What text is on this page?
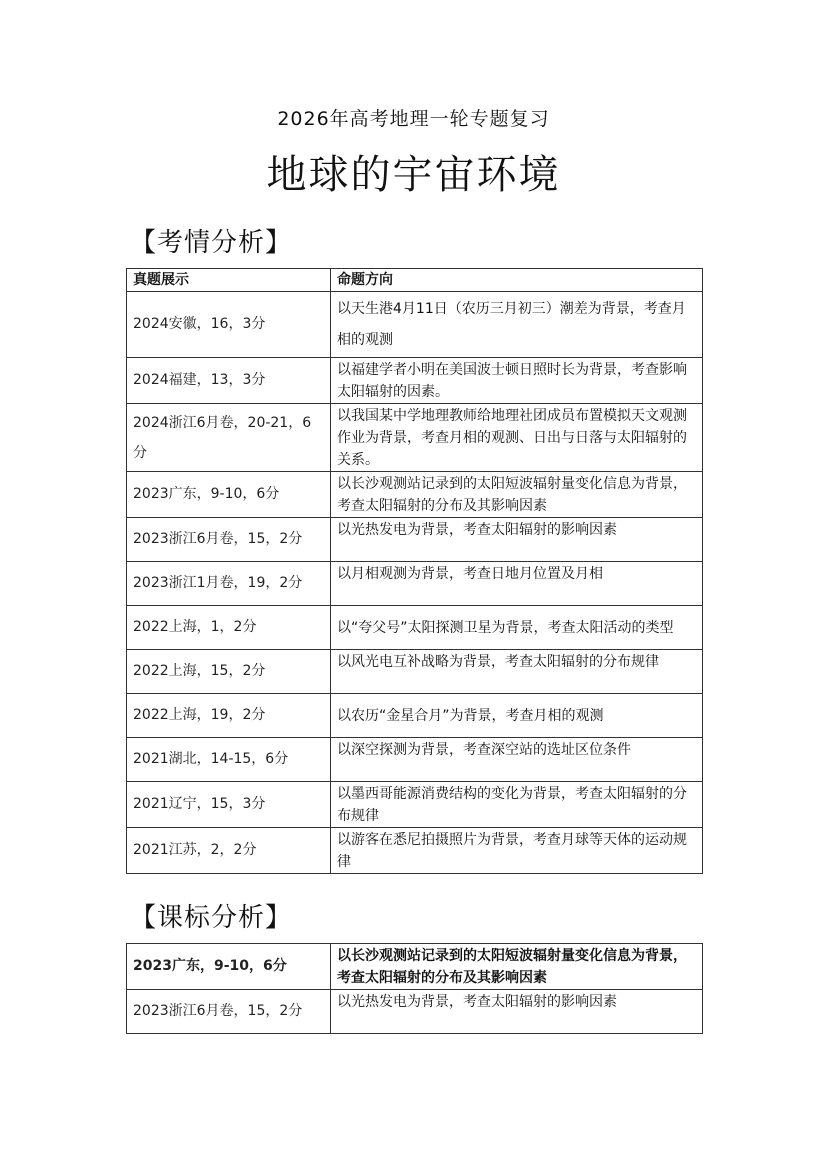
2026年高考地理一轮专题复习
地球的宇宙环境
【考情分析】
真题展示	命题方向
2024安徽，16，3分	以天生港4月11日（农历三月初三）潮差为背景，考查月相的观测
2024福建，13，3分	以福建学者小明在美国波士顿日照时长为背景，考查影响太阳辐射的因素。
2024浙江6月卷，20-21，6分	以我国某中学地理教师给地理社团成员布置模拟天文观测作业为背景，考查月相的观测、日出与日落与太阳辐射的关系。
2023广东，9-10，6分	以长沙观测站记录到的太阳短波辐射量变化信息为背景，考查太阳辐射的分布及其影响因素
2023浙江6月卷，15，2分	以光热发电为背景，考查太阳辐射的影响因素
2023浙江1月卷，19，2分	以月相观测为背景，考查日地月位置及月相
2022上海，1，2分	以“夸父号”太阳探测卫星为背景，考查太阳活动的类型
2022上海，15，2分	以风光电互补战略为背景，考查太阳辐射的分布规律
2022上海，19，2分	以农历“金星合月”为背景，考查月相的观测
2021湖北，14-15，6分	以深空探测为背景，考查深空站的选址区位条件
2021辽宁，15，3分	以墨西哥能源消费结构的变化为背景，考查太阳辐射的分布规律
2021江苏，2，2分	以游客在悉尼拍摄照片为背景，考查月球等天体的运动规律
【课标分析】
2023广东，9-10，6分	以长沙观测站记录到的太阳短波辐射量变化信息为背景，考查太阳辐射的分布及其影响因素
2023浙江6月卷，15，2分	以光热发电为背景，考查太阳辐射的影响因素
